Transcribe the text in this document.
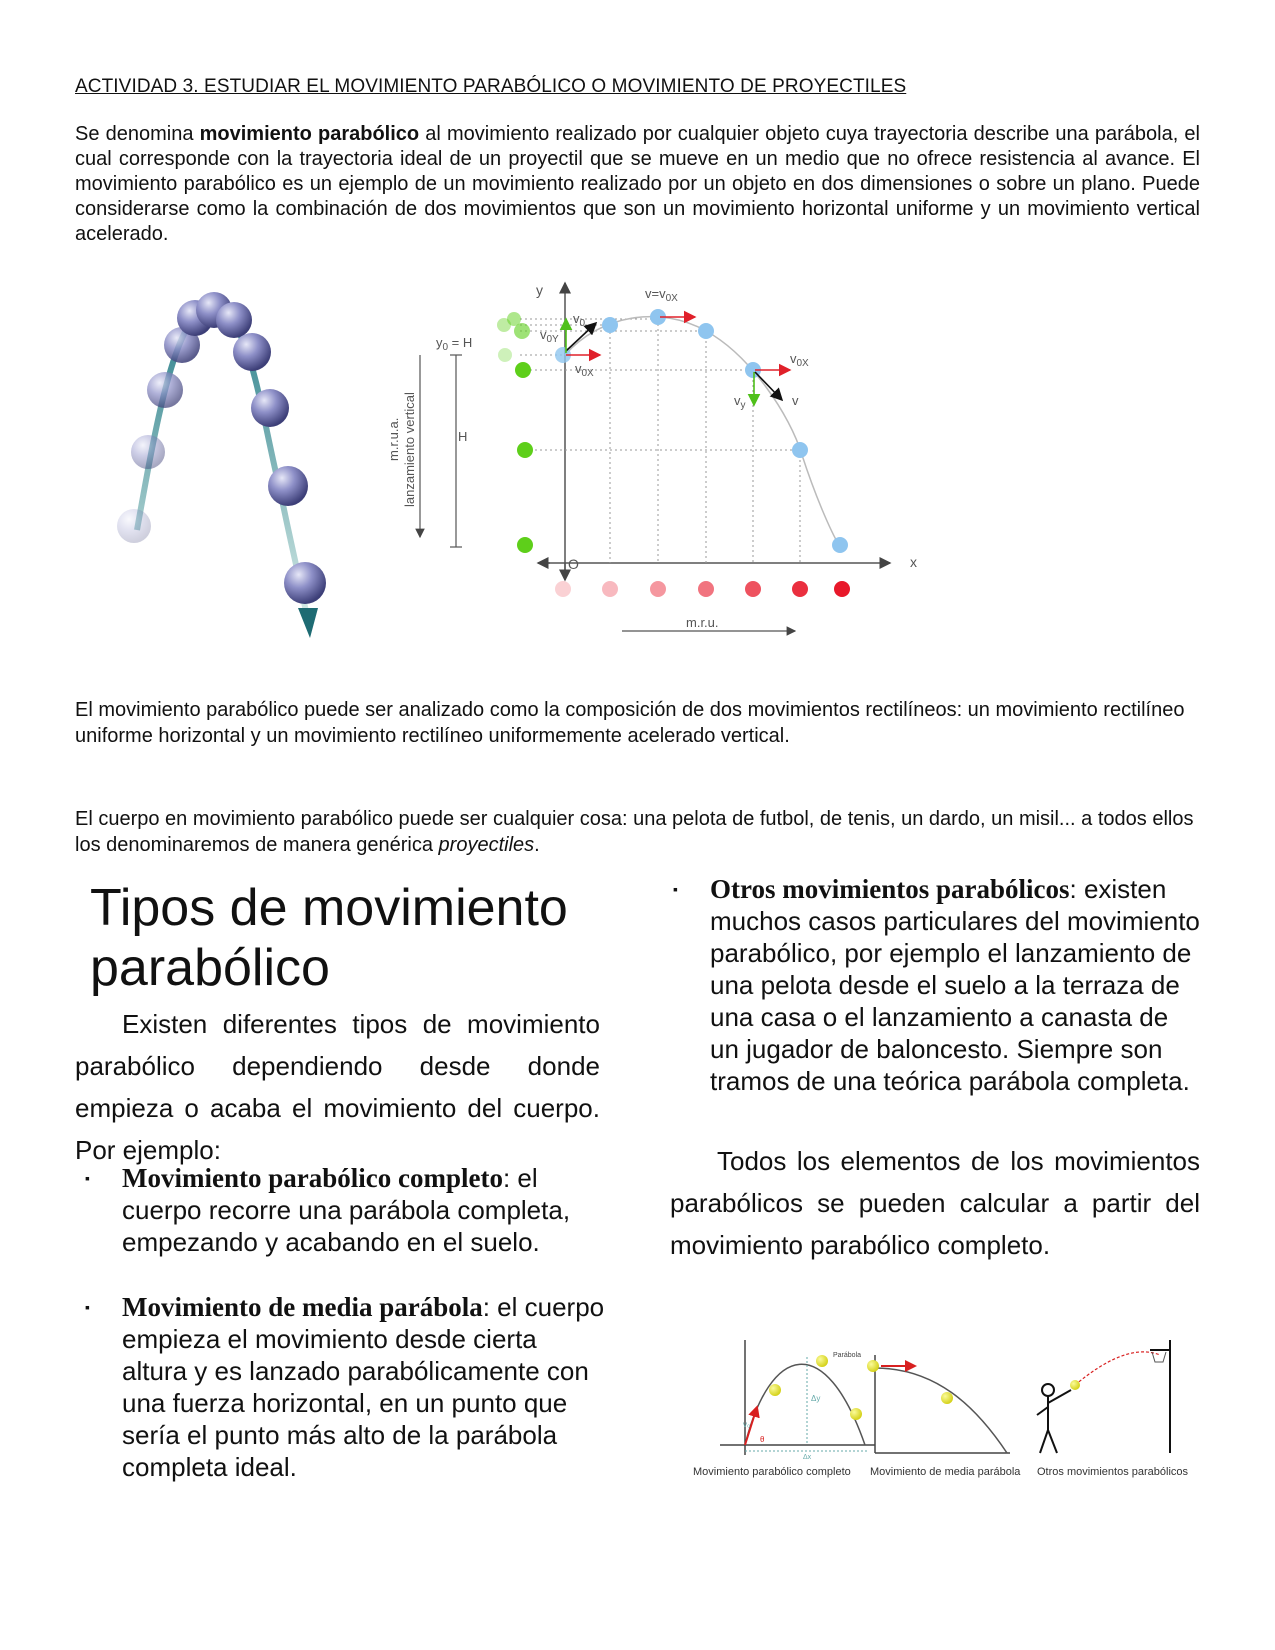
ACTIVIDAD 3. ESTUDIAR EL MOVIMIENTO PARABÓLICO O MOVIMIENTO DE PROYECTILES
Se denomina movimiento parabólico al movimiento realizado por cualquier objeto cuya trayectoria describe una parábola, el cual corresponde con la trayectoria ideal de un proyectil que se mueve en un medio que no ofrece resistencia al avance. El movimiento parabólico es un ejemplo de un movimiento realizado por un objeto en dos dimensiones o sobre un plano. Puede considerarse como la combinación de dos movimientos que son un movimiento horizontal uniforme y un movimiento vertical acelerado.
y
x
O
$v=v_{0X}$
$v_0$
$v_{0Y}$
$v_{0X}$
$v_{0X}$
$v_y$	v
$y_0 = H$
H
lanzamiento vertical
m.r.u.a.
m.r.u.
El movimiento parabólico puede ser analizado como la composición de dos movimientos rectilíneos: un movimiento rectilíneo uniforme horizontal y un movimiento rectilíneo uniformemente acelerado vertical.
El cuerpo en movimiento parabólico puede ser cualquier cosa: una pelota de futbol, de tenis, un dardo, un misil... a todos ellos los denominaremos de manera genérica proyectiles.
Tipos de movimiento parabólico
Existen diferentes tipos de movimiento parabólico dependiendo desde donde empieza o acaba el movimiento del cuerpo. Por ejemplo:
▪ Movimiento parabólico completo: el cuerpo recorre una parábola completa, empezando y acabando en el suelo.
▪ Movimiento de media parábola: el cuerpo empieza el movimiento desde cierta altura y es lanzado parabólicamente con una fuerza horizontal, en un punto que sería el punto más alto de la parábola completa ideal.
▪ Otros movimientos parabólicos: existen muchos casos particulares del movimiento parabólico, por ejemplo el lanzamiento de una pelota desde el suelo a la terraza de una casa o el lanzamiento a canasta de un jugador de baloncesto. Siempre son tramos de una teórica parábola completa.
Todos los elementos de los movimientos parabólicos se pueden calcular a partir del movimiento parabólico completo.
Parábola
Δy
Δx
v₀
θ
Movimiento parabólico completo Movimiento de media parábola Otros movimientos parabólicos
